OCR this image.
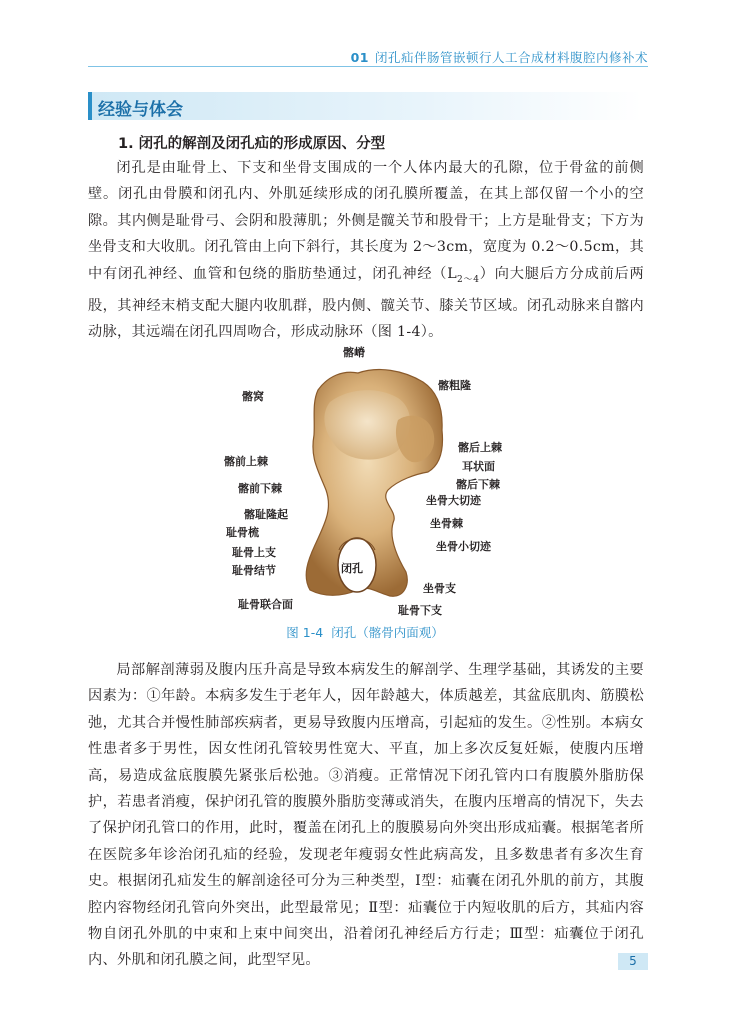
01 闭孔疝伴肠管嵌顿行人工合成材料腹腔内修补术
经验与体会
1. 闭孔的解剖及闭孔疝的形成原因、分型

闭孔是由耻骨上、下支和坐骨支围成的一个人体内最大的孔隙，位于骨盆的前侧壁。闭孔由骨膜和闭孔内、外肌延续形成的闭孔膜所覆盖，在其上部仅留一个小的空隙。其内侧是耻骨弓、会阴和股薄肌；外侧是髋关节和股骨干；上方是耻骨支；下方为坐骨支和大收肌。闭孔管由上向下斜行，其长度为 2～3cm，宽度为 0.2～0.5cm，其中有闭孔神经、血管和包绕的脂肪垫通过，闭孔神经$(L_{2\sim 4})$向大腿后方分成前后两股，其神经末梢支配大腿内收肌群，股内侧、髋关节、膝关节区域。闭孔动脉来自髂内动脉，其远端在闭孔四周吻合，形成动脉环（图 1-4）。

髂嵴
髂窝
髂粗隆
髂后上棘
耳状面
髂前上棘
髂后下棘
髂前下棘
坐骨大切迹
髂耻隆起
坐骨棘
耻骨梳
耻骨上支	坐骨小切迹
耻骨结节	闭孔
坐骨支
耻骨联合面	耻骨下支
图 1-4 闭孔（髂骨内面观）

局部解剖薄弱及腹内压升高是导致本病发生的解剖学、生理学基础，其诱发的主要因素为：①年龄。本病多发生于老年人，因年龄越大，体质越差，其盆底肌肉、筋膜松弛，尤其合并慢性肺部疾病者，更易导致腹内压增高，引起疝的发生。②性别。本病女性患者多于男性，因女性闭孔管较男性宽大、平直，加上多次反复妊娠，使腹内压增高，易造成盆底腹膜先紧张后松弛。③消瘦。正常情况下闭孔管内口有腹膜外脂肪保护，若患者消瘦，保护闭孔管的腹膜外脂肪变薄或消失，在腹内压增高的情况下，失去了保护闭孔管口的作用，此时，覆盖在闭孔上的腹膜易向外突出形成疝囊。根据笔者所在医院多年诊治闭孔疝的经验，发现老年瘦弱女性此病高发，且多数患者有多次生育史。根据闭孔疝发生的解剖途径可分为三种类型，Ⅰ型：疝囊在闭孔外肌的前方，其腹腔内容物经闭孔管向外突出，此型最常见；Ⅱ型：疝囊位于内短收肌的后方，其疝内容物自闭孔外肌的中束和上束中间突出，沿着闭孔神经后方行走；Ⅲ型：疝囊位于闭孔内、外肌和闭孔膜之间，此型罕见。	5
